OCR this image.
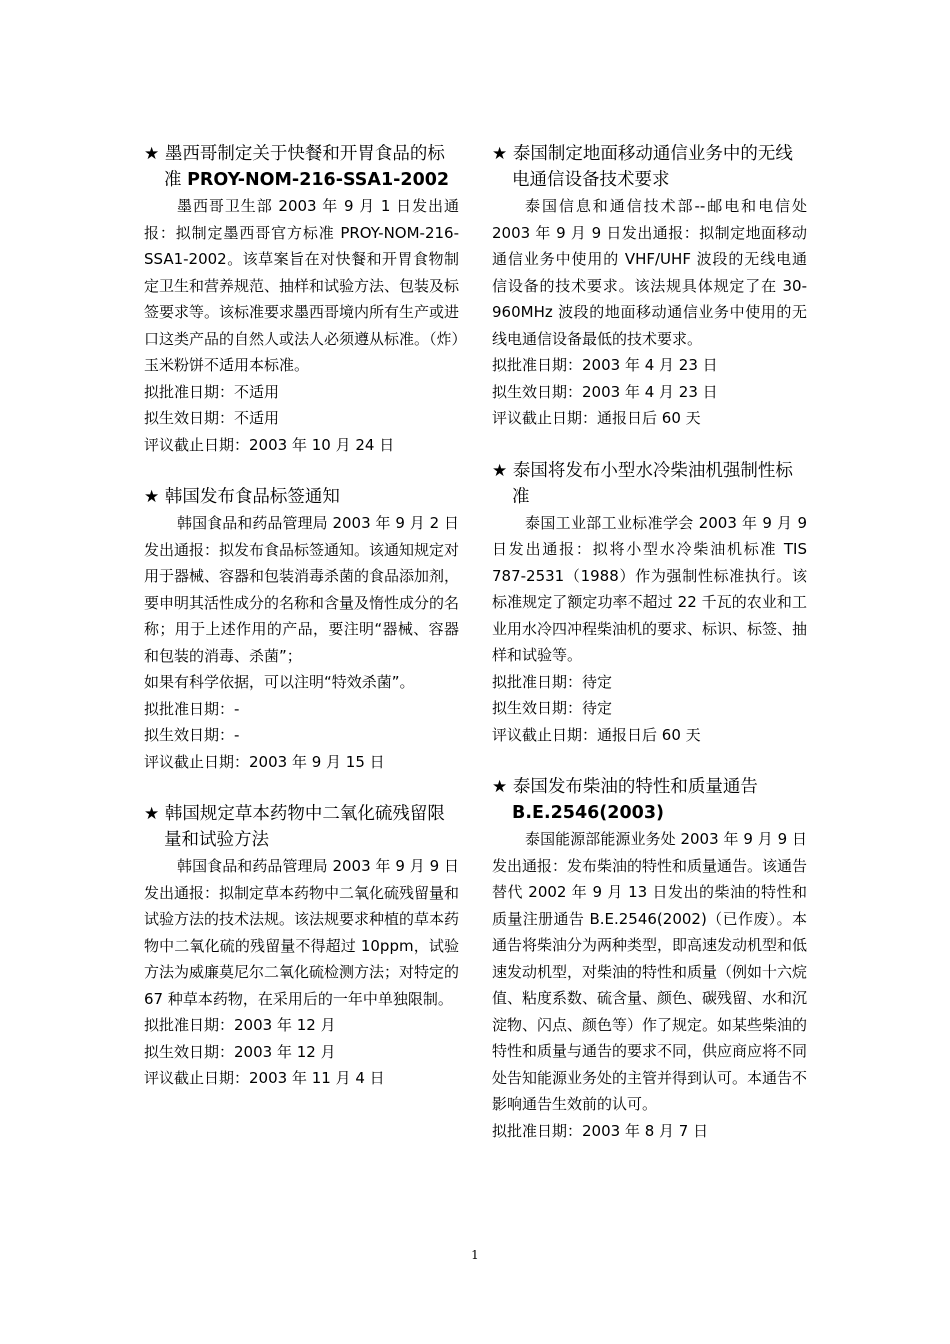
★ 墨西哥制定关于快餐和开胃食品的标 准 PROY-NOM-216-SSA1-2002

墨西哥卫生部 2003 年 9 月 1 日发出通报：拟制定墨西哥官方标准 PROY-NOM-216-SSA1-2002。该草案旨在对快餐和开胃食物制定卫生和营养规范、抽样和试验方法、包装及标签要求等。该标准要求墨西哥境内所有生产或进口这类产品的自然人或法人必须遵从标准。（炸）玉米粉饼不适用本标准。

拟批准日期：不适用

拟生效日期：不适用

评议截止日期：2003 年 10 月 24 日

★ 韩国发布食品标签通知

韩国食品和药品管理局 2003 年 9 月 2 日发出通报：拟发布食品标签通知。该通知规定对用于器械、容器和包装消毒杀菌的食品添加剂，要申明其活性成分的名称和含量及惰性成分的名称；用于上述作用的产品，要注明“器械、容器和包装的消毒、杀菌”；

如果有科学依据，可以注明“特效杀菌”。

拟批准日期：-

拟生效日期：-

评议截止日期：2003 年 9 月 15 日

★ 韩国规定草本药物中二氧化硫残留限量和试验方法

韩国食品和药品管理局 2003 年 9 月 9 日发出通报：拟制定草本药物中二氧化硫残留量和试验方法的技术法规。该法规要求种植的草本药物中二氧化硫的残留量不得超过 10ppm，试验方法为威廉莫尼尔二氧化硫检测方法；对特定的 67 种草本药物，在采用后的一年中单独限制。

拟批准日期：2003 年 12 月

拟生效日期：2003 年 12 月

评议截止日期：2003 年 11 月 4 日

★ 泰国制定地面移动通信业务中的无线电通信设备技术要求

泰国信息和通信技术部--邮电和电信处 2003 年 9 月 9 日发出通报：拟制定地面移动通信业务中使用的 VHF/UHF 波段的无线电通信设备的技术要求。该法规具体规定了在 30-960MHz 波段的地面移动通信业务中使用的无线电通信设备最低的技术要求。

拟批准日期：2003 年 4 月 23 日

拟生效日期：2003 年 4 月 23 日

评议截止日期：通报日后 60 天

★ 泰国将发布小型水冷柴油机强制性标准

泰国工业部工业标准学会 2003 年 9 月 9 日发出通报：拟将小型水冷柴油机标准 TIS 787-2531（1988）作为强制性标准执行。该标准规定了额定功率不超过 22 千瓦的农业和工业用水冷四冲程柴油机的要求、标识、标签、抽样和试验等。

拟批准日期：待定

拟生效日期：待定

评议截止日期：通报日后 60 天

★ 泰国发布柴油的特性和质量通告 B.E.2546(2003)

泰国能源部能源业务处 2003 年 9 月 9 日发出通报：发布柴油的特性和质量通告。该通告替代 2002 年 9 月 13 日发出的柴油的特性和质量注册通告 B.E.2546(2002)（已作废）。本通告将柴油分为两种类型，即高速发动机型和低速发动机型，对柴油的特性和质量（例如十六烷值、粘度系数、硫含量、颜色、碳残留、水和沉淀物、闪点、颜色等）作了规定。如某些柴油的特性和质量与通告的要求不同，供应商应将不同处告知能源业务处的主管并得到认可。本通告不影响通告生效前的认可。

拟批准日期：2003 年 8 月 7 日

1
